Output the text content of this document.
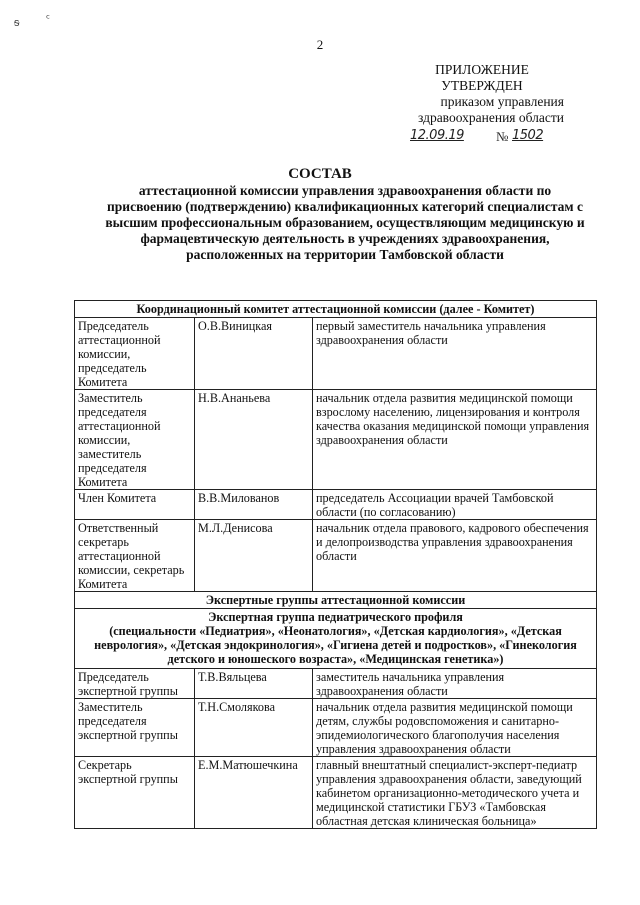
ᵴ ᶜ
2
ПРИЛОЖЕНИЕ
УТВЕРЖДЕН
приказом управления
здравоохранения области
12.09.19 № 1502
СОСТАВ
аттестационной комиссии управления здравоохранения области по присвоению (подтверждению) квалификационных категорий специалистам с высшим профессиональным образованием, осуществляющим медицинскую и фармацевтическую деятельность в учреждениях здравоохранения, расположенных на территории Тамбовской области
Координационный комитет аттестационной комиссии (далее - Комитет)		
Председатель аттестационной комиссии, председатель Комитета	О.В.Виницкая	первый заместитель начальника управления здравоохранения области
Заместитель председателя аттестационной комиссии, заместитель председателя Комитета	Н.В.Ананьева	начальник отдела развития медицинской помощи взрослому населению, лицензирования и контроля качества оказания медицинской помощи управления здравоохранения области
Член Комитета	В.В.Милованов	председатель Ассоциации врачей Тамбовской области (по согласованию)
Ответственный секретарь аттестационной комиссии, секретарь Комитета	М.Л.Денисова	начальник отдела правового, кадрового обеспечения и делопроизводства управления здравоохранения области
Экспертные группы аттестационной комиссии		

Экспертная группа педиатрического профиля
(специальности «Педиатрия», «Неонатология», «Детская кардиология», «Детская неврология», «Детская эндокринология», «Гигиена детей и подростков», «Гинекология детского и юношеского возраста», «Медицинская генетика»)		

Председатель экспертной группы	Т.В.Вяльцева	заместитель начальника управления здравоохранения области
Заместитель председателя экспертной группы	Т.Н.Смолякова	начальник отдела развития медицинской помощи детям, службы родовспоможения и санитарно-эпидемиологического благополучия населения управления здравоохранения области
Секретарь экспертной группы	Е.М.Матюшечкина	главный внештатный специалист-эксперт-педиатр управления здравоохранения области, заведующий кабинетом организационно-методического учета и медицинской статистики ГБУЗ «Тамбовская областная детская клиническая больница»
